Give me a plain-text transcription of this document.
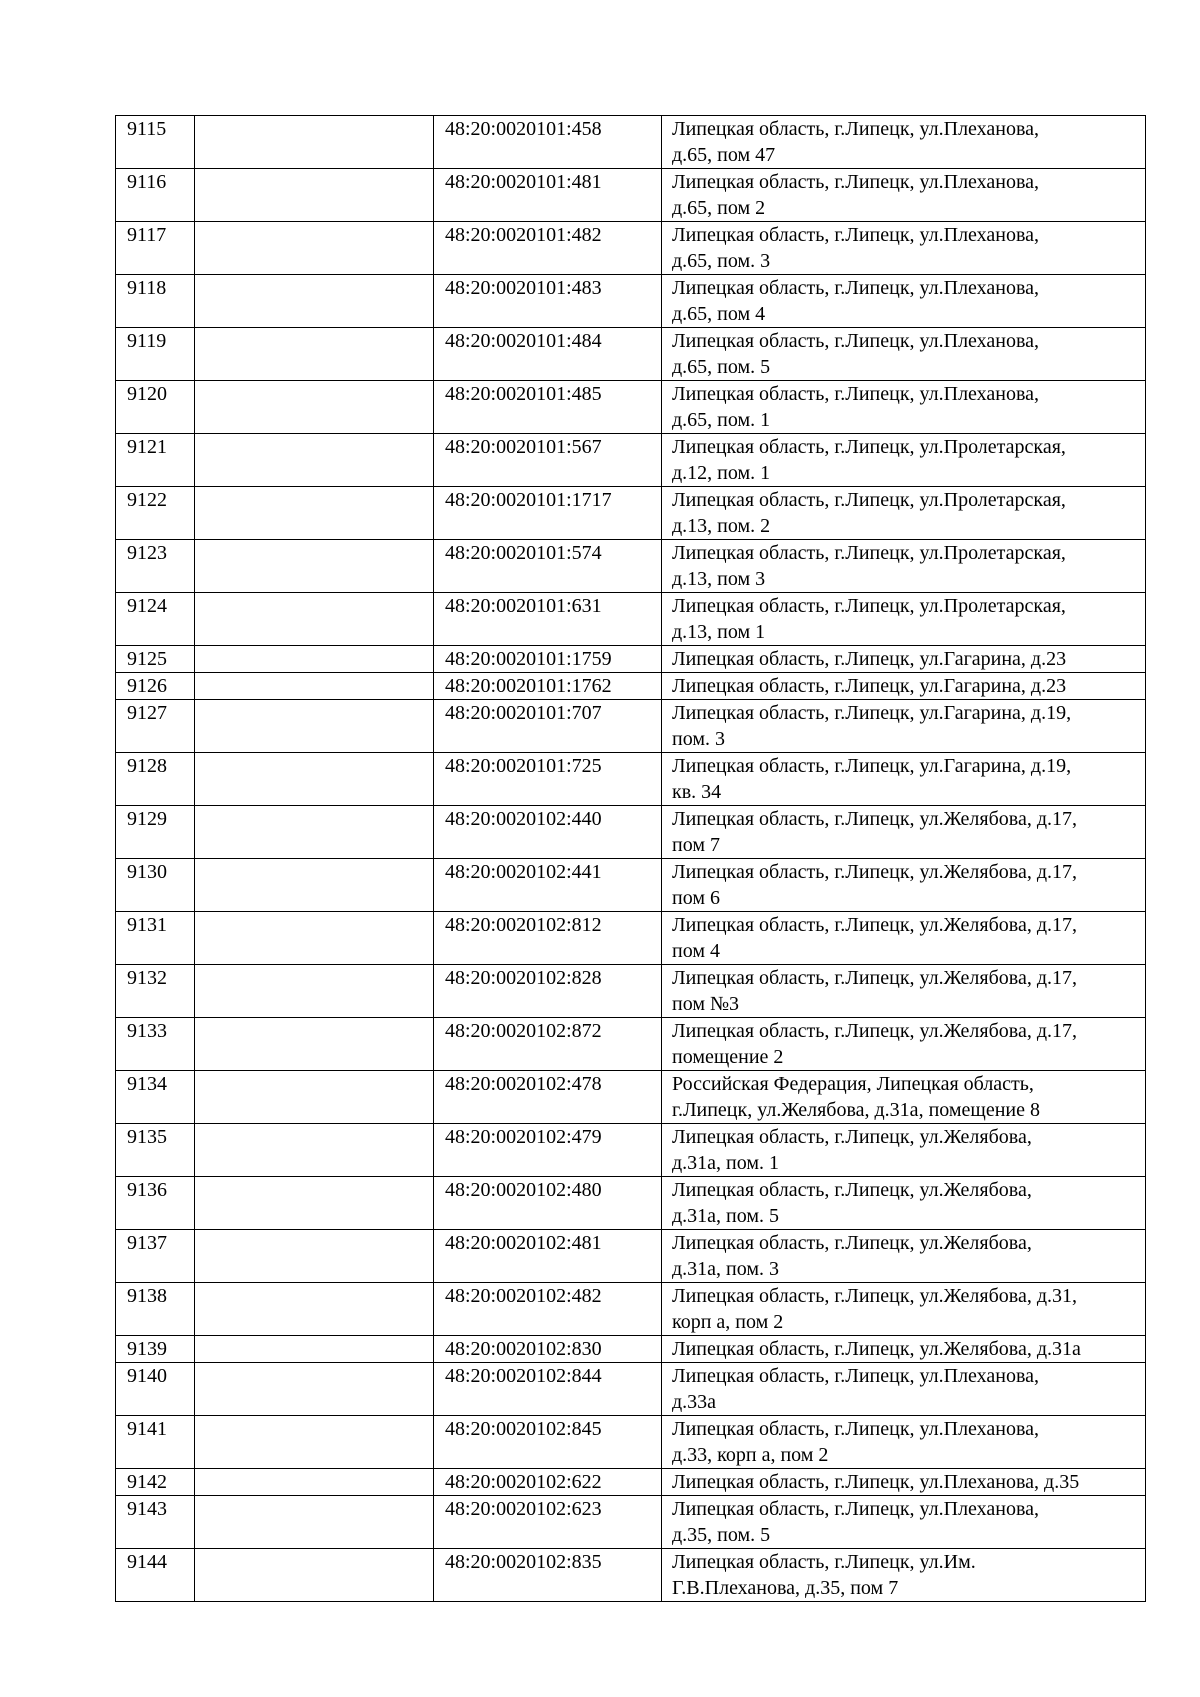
9115		48:20:0020101:458	Липецкая область, г.Липецк, ул.Плеханова,
д.65, пом 47

9116		48:20:0020101:481	Липецкая область, г.Липецк, ул.Плеханова,
д.65, пом 2

9117		48:20:0020101:482	Липецкая область, г.Липецк, ул.Плеханова,
д.65, пом. 3

9118		48:20:0020101:483	Липецкая область, г.Липецк, ул.Плеханова,
д.65, пом 4

9119		48:20:0020101:484	Липецкая область, г.Липецк, ул.Плеханова,
д.65, пом. 5

9120		48:20:0020101:485	Липецкая область, г.Липецк, ул.Плеханова,
д.65, пом. 1

9121		48:20:0020101:567	Липецкая область, г.Липецк, ул.Пролетарская,
д.12, пом. 1

9122		48:20:0020101:1717	Липецкая область, г.Липецк, ул.Пролетарская,
д.13, пом. 2

9123		48:20:0020101:574	Липецкая область, г.Липецк, ул.Пролетарская,
д.13, пом 3

9124		48:20:0020101:631	Липецкая область, г.Липецк, ул.Пролетарская,
д.13, пом 1

9125		48:20:0020101:1759	Липецкая область, г.Липецк, ул.Гагарина, д.23

9126		48:20:0020101:1762	Липецкая область, г.Липецк, ул.Гагарина, д.23

9127		48:20:0020101:707	Липецкая область, г.Липецк, ул.Гагарина, д.19,
пом. 3

9128		48:20:0020101:725	Липецкая область, г.Липецк, ул.Гагарина, д.19,
кв. 34

9129		48:20:0020102:440	Липецкая область, г.Липецк, ул.Желябова, д.17,
пом 7

9130		48:20:0020102:441	Липецкая область, г.Липецк, ул.Желябова, д.17,
пом 6

9131		48:20:0020102:812	Липецкая область, г.Липецк, ул.Желябова, д.17,
пом 4

9132		48:20:0020102:828	Липецкая область, г.Липецк, ул.Желябова, д.17,
пом №3

9133		48:20:0020102:872	Липецкая область, г.Липецк, ул.Желябова, д.17,
помещение 2

9134		48:20:0020102:478	Российская Федерация, Липецкая область,
г.Липецк, ул.Желябова, д.31а, помещение 8

9135		48:20:0020102:479	Липецкая область, г.Липецк, ул.Желябова,
д.31а, пом. 1

9136		48:20:0020102:480	Липецкая область, г.Липецк, ул.Желябова,
д.31а, пом. 5

9137		48:20:0020102:481	Липецкая область, г.Липецк, ул.Желябова,
д.31а, пом. 3

9138		48:20:0020102:482	Липецкая область, г.Липецк, ул.Желябова, д.31,
корп а, пом 2

9139		48:20:0020102:830	Липецкая область, г.Липецк, ул.Желябова, д.31а

9140		48:20:0020102:844	Липецкая область, г.Липецк, ул.Плеханова,
д.33а

9141		48:20:0020102:845	Липецкая область, г.Липецк, ул.Плеханова,
д.33, корп а, пом 2

9142		48:20:0020102:622	Липецкая область, г.Липецк, ул.Плеханова, д.35

9143		48:20:0020102:623	Липецкая область, г.Липецк, ул.Плеханова,
д.35, пом. 5

9144		48:20:0020102:835	Липецкая область, г.Липецк, ул.Им.
Г.В.Плеханова, д.35, пом 7
